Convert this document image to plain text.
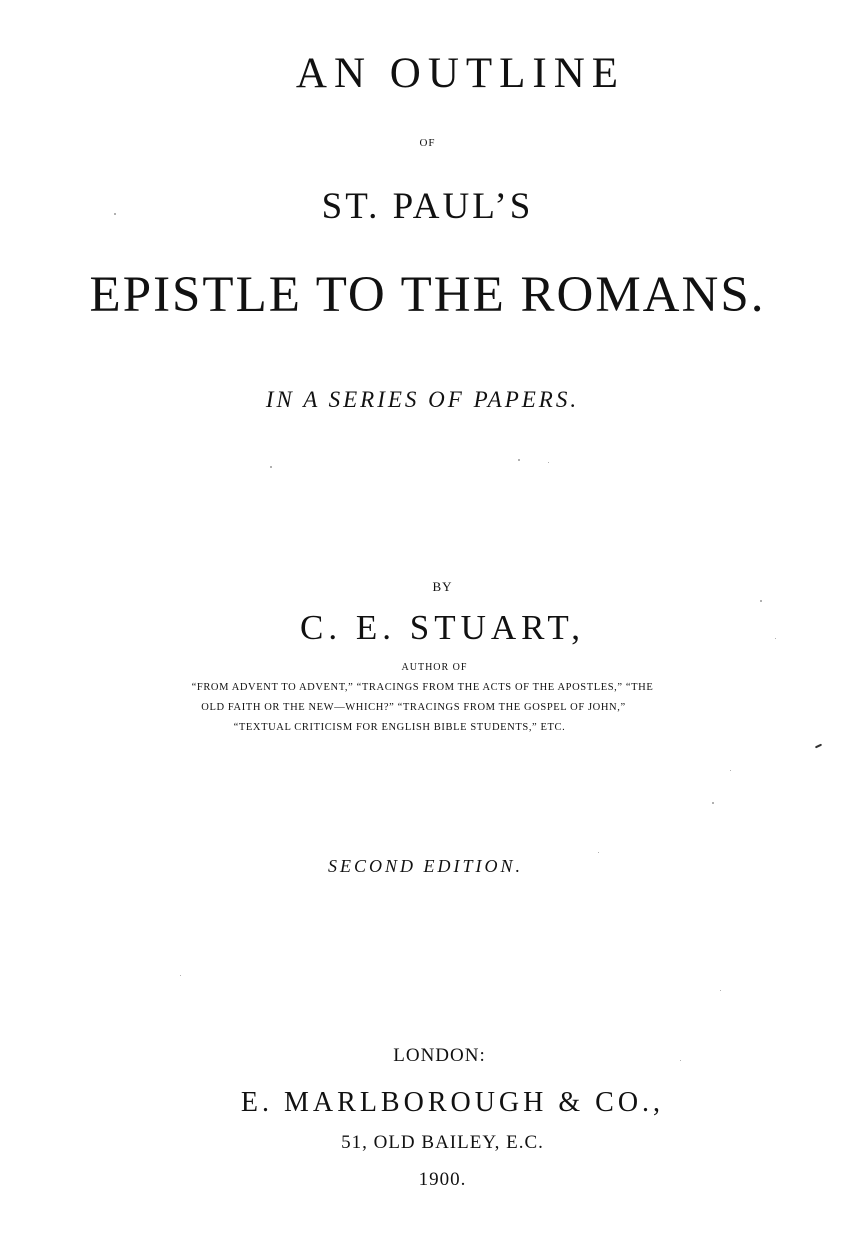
AN OUTLINE
OF
ST. PAUL’S
EPISTLE TO THE ROMANS.
IN A SERIES OF PAPERS.
BY
C. E. STUART,
AUTHOR OF
“FROM ADVENT TO ADVENT,” “TRACINGS FROM THE ACTS OF THE APOSTLES,” “THE
OLD FAITH OR THE NEW—WHICH?” “TRACINGS FROM THE GOSPEL OF JOHN,”
“TEXTUAL CRITICISM FOR ENGLISH BIBLE STUDENTS,” ETC.
SECOND EDITION.
LONDON:
E. MARLBOROUGH & CO.,
51, OLD BAILEY, E.C.
1900.
